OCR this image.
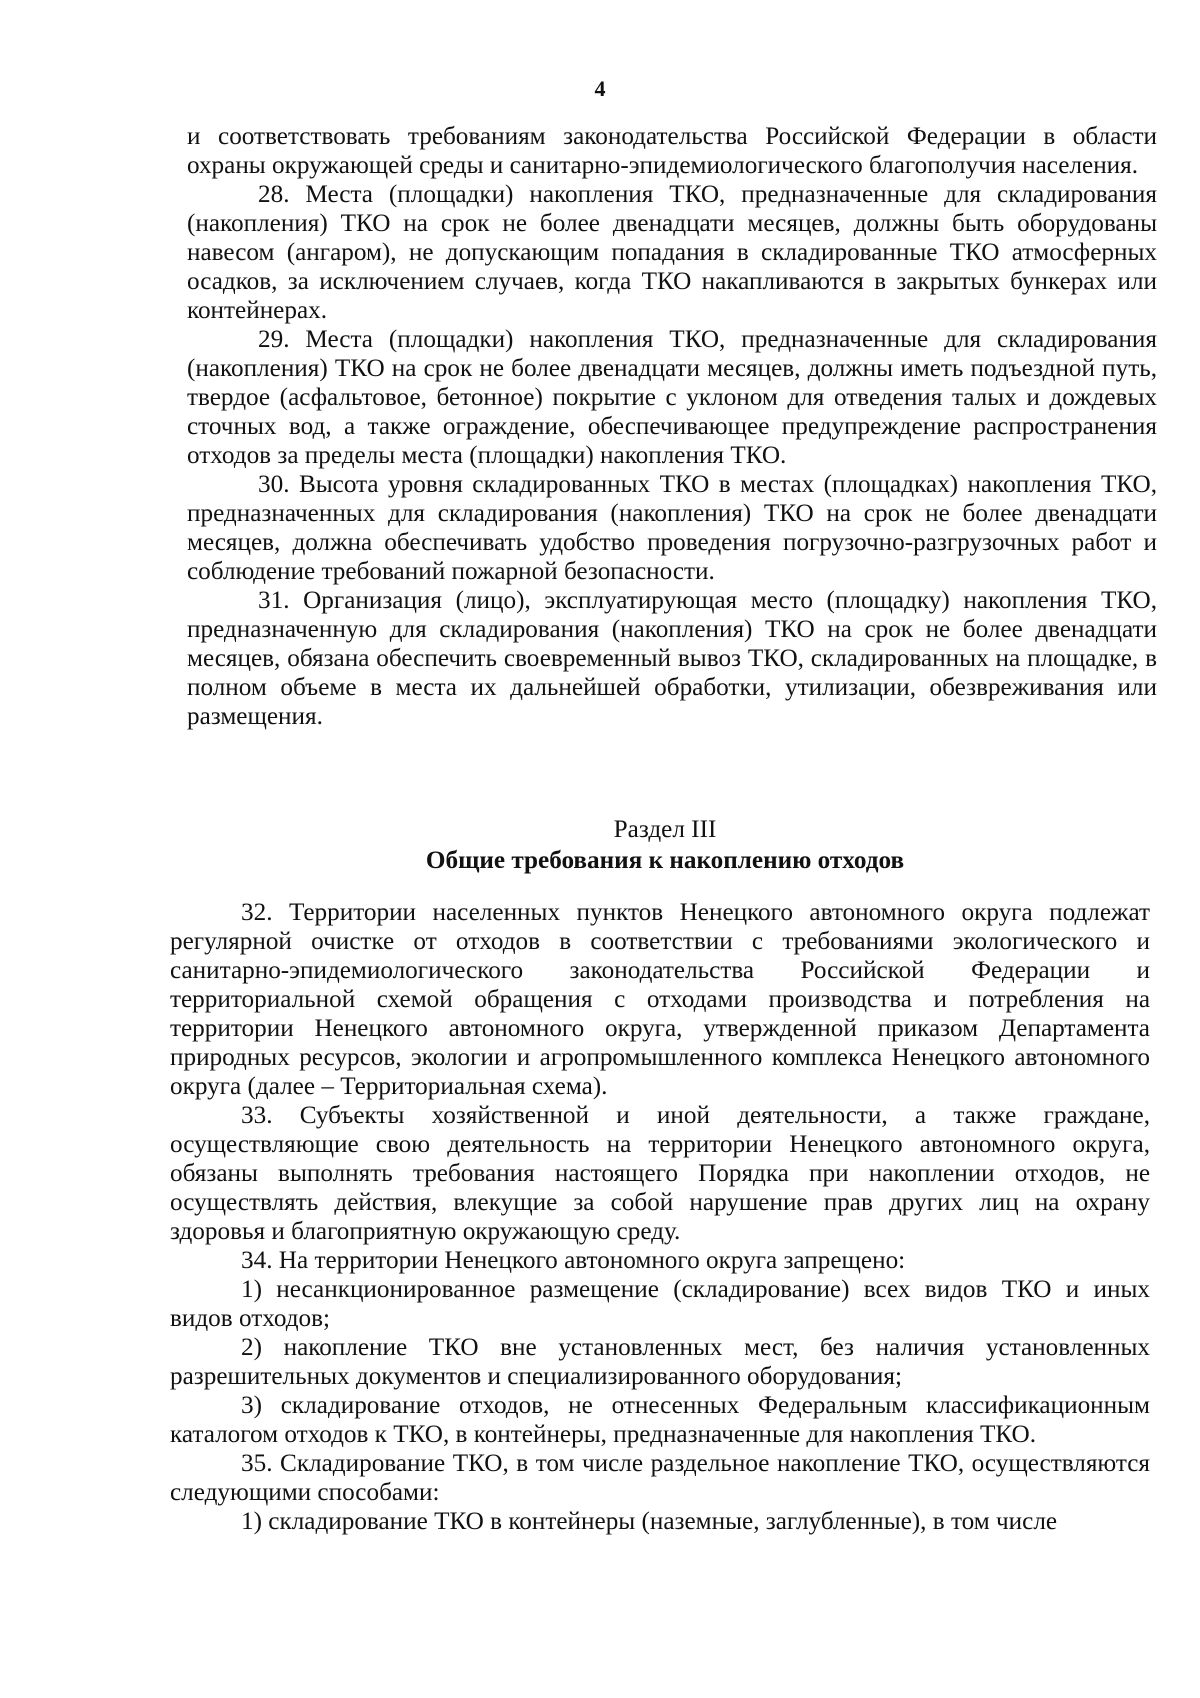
4

и соответствовать требованиям законодательства Российской Федерации в области охраны окружающей среды и санитарно-эпидемиологического благополучия населения.

28. Места (площадки) накопления ТКО, предназначенные для складирования (накопления) ТКО на срок не более двенадцати месяцев, должны быть оборудованы навесом (ангаром), не допускающим попадания в складированные ТКО атмосферных осадков, за исключением случаев, когда ТКО накапливаются в закрытых бункерах или контейнерах.

29. Места (площадки) накопления ТКО, предназначенные для складирования (накопления) ТКО на срок не более двенадцати месяцев, должны иметь подъездной путь, твердое (асфальтовое, бетонное) покрытие с уклоном для отведения талых и дождевых сточных вод, а также ограждение, обеспечивающее предупреждение распространения отходов за пределы места (площадки) накопления ТКО.

30. Высота уровня складированных ТКО в местах (площадках) накопления ТКО, предназначенных для складирования (накопления) ТКО на срок не более двенадцати месяцев, должна обеспечивать удобство проведения погрузочно-разгрузочных работ и соблюдение требований пожарной безопасности.

31. Организация (лицо), эксплуатирующая место (площадку) накопления ТКО, предназначенную для складирования (накопления) ТКО на срок не более двенадцати месяцев, обязана обеспечить своевременный вывоз ТКО, складированных на площадке, в полном объеме в места их дальнейшей обработки, утилизации, обезвреживания или размещения.

Раздел III
Общие требования к накоплению отходов

32. Территории населенных пунктов Ненецкого автономного округа подлежат регулярной очистке от отходов в соответствии с требованиями экологического и санитарно-эпидемиологического законодательства Российской Федерации и территориальной схемой обращения с отходами производства и потребления на территории Ненецкого автономного округа, утвержденной приказом Департамента природных ресурсов, экологии и агропромышленного комплекса Ненецкого автономного округа (далее – Территориальная схема).

33. Субъекты хозяйственной и иной деятельности, а также граждане, осуществляющие свою деятельность на территории Ненецкого автономного округа, обязаны выполнять требования настоящего Порядка при накоплении отходов, не осуществлять действия, влекущие за собой нарушение прав других лиц на охрану здоровья и благоприятную окружающую среду.

34. На территории Ненецкого автономного округа запрещено:

1) несанкционированное размещение (складирование) всех видов ТКО и иных видов отходов;

2) накопление ТКО вне установленных мест, без наличия установленных разрешительных документов и специализированного оборудования;

3) складирование отходов, не отнесенных Федеральным классификационным каталогом отходов к ТКО, в контейнеры, предназначенные для накопления ТКО.

35. Складирование ТКО, в том числе раздельное накопление ТКО, осуществляются следующими способами:

1) складирование ТКО в контейнеры (наземные, заглубленные), в том числе
